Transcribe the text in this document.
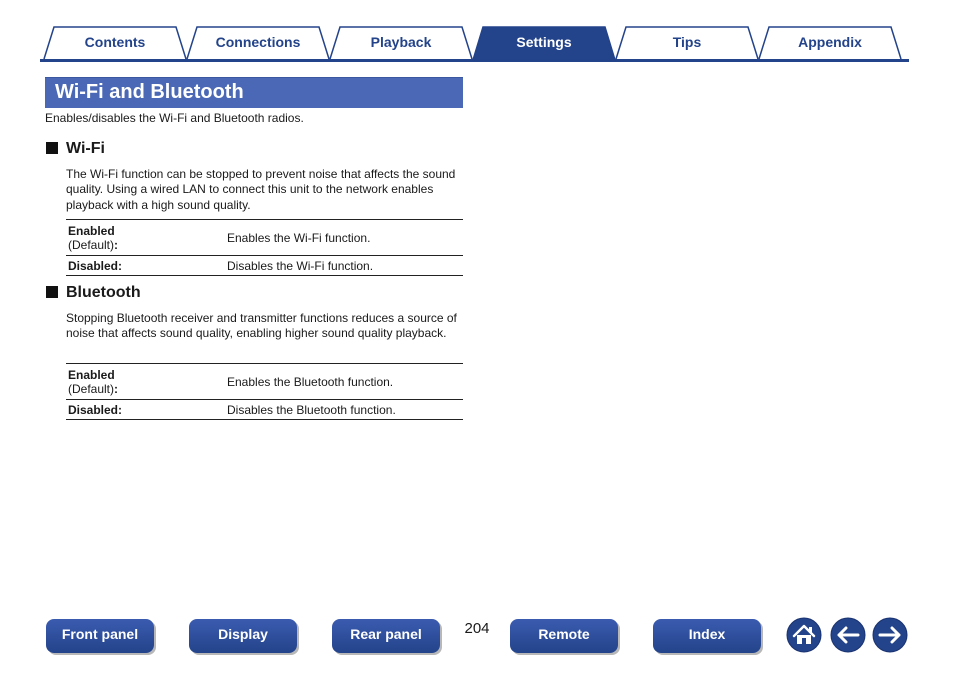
Contents	Connections	Playback	Settings	Tips	Appendix
Wi-Fi and Bluetooth
Enables/disables the Wi-Fi and Bluetooth radios.
Wi-Fi
The Wi-Fi function can be stopped to prevent noise that affects the sound quality. Using a wired LAN to connect this unit to the network enables playback with a high sound quality.
Enabled
(Default):	Enables the Wi-Fi function.
Disabled:	Disables the Wi-Fi function.
Bluetooth
Stopping Bluetooth receiver and transmitter functions reduces a source of noise that affects sound quality, enabling higher sound quality playback.
Enabled
(Default):	Enables the Bluetooth function.
Disabled:	Disables the Bluetooth function.
Front panel	Display	Rear panel	204	Remote	Index
